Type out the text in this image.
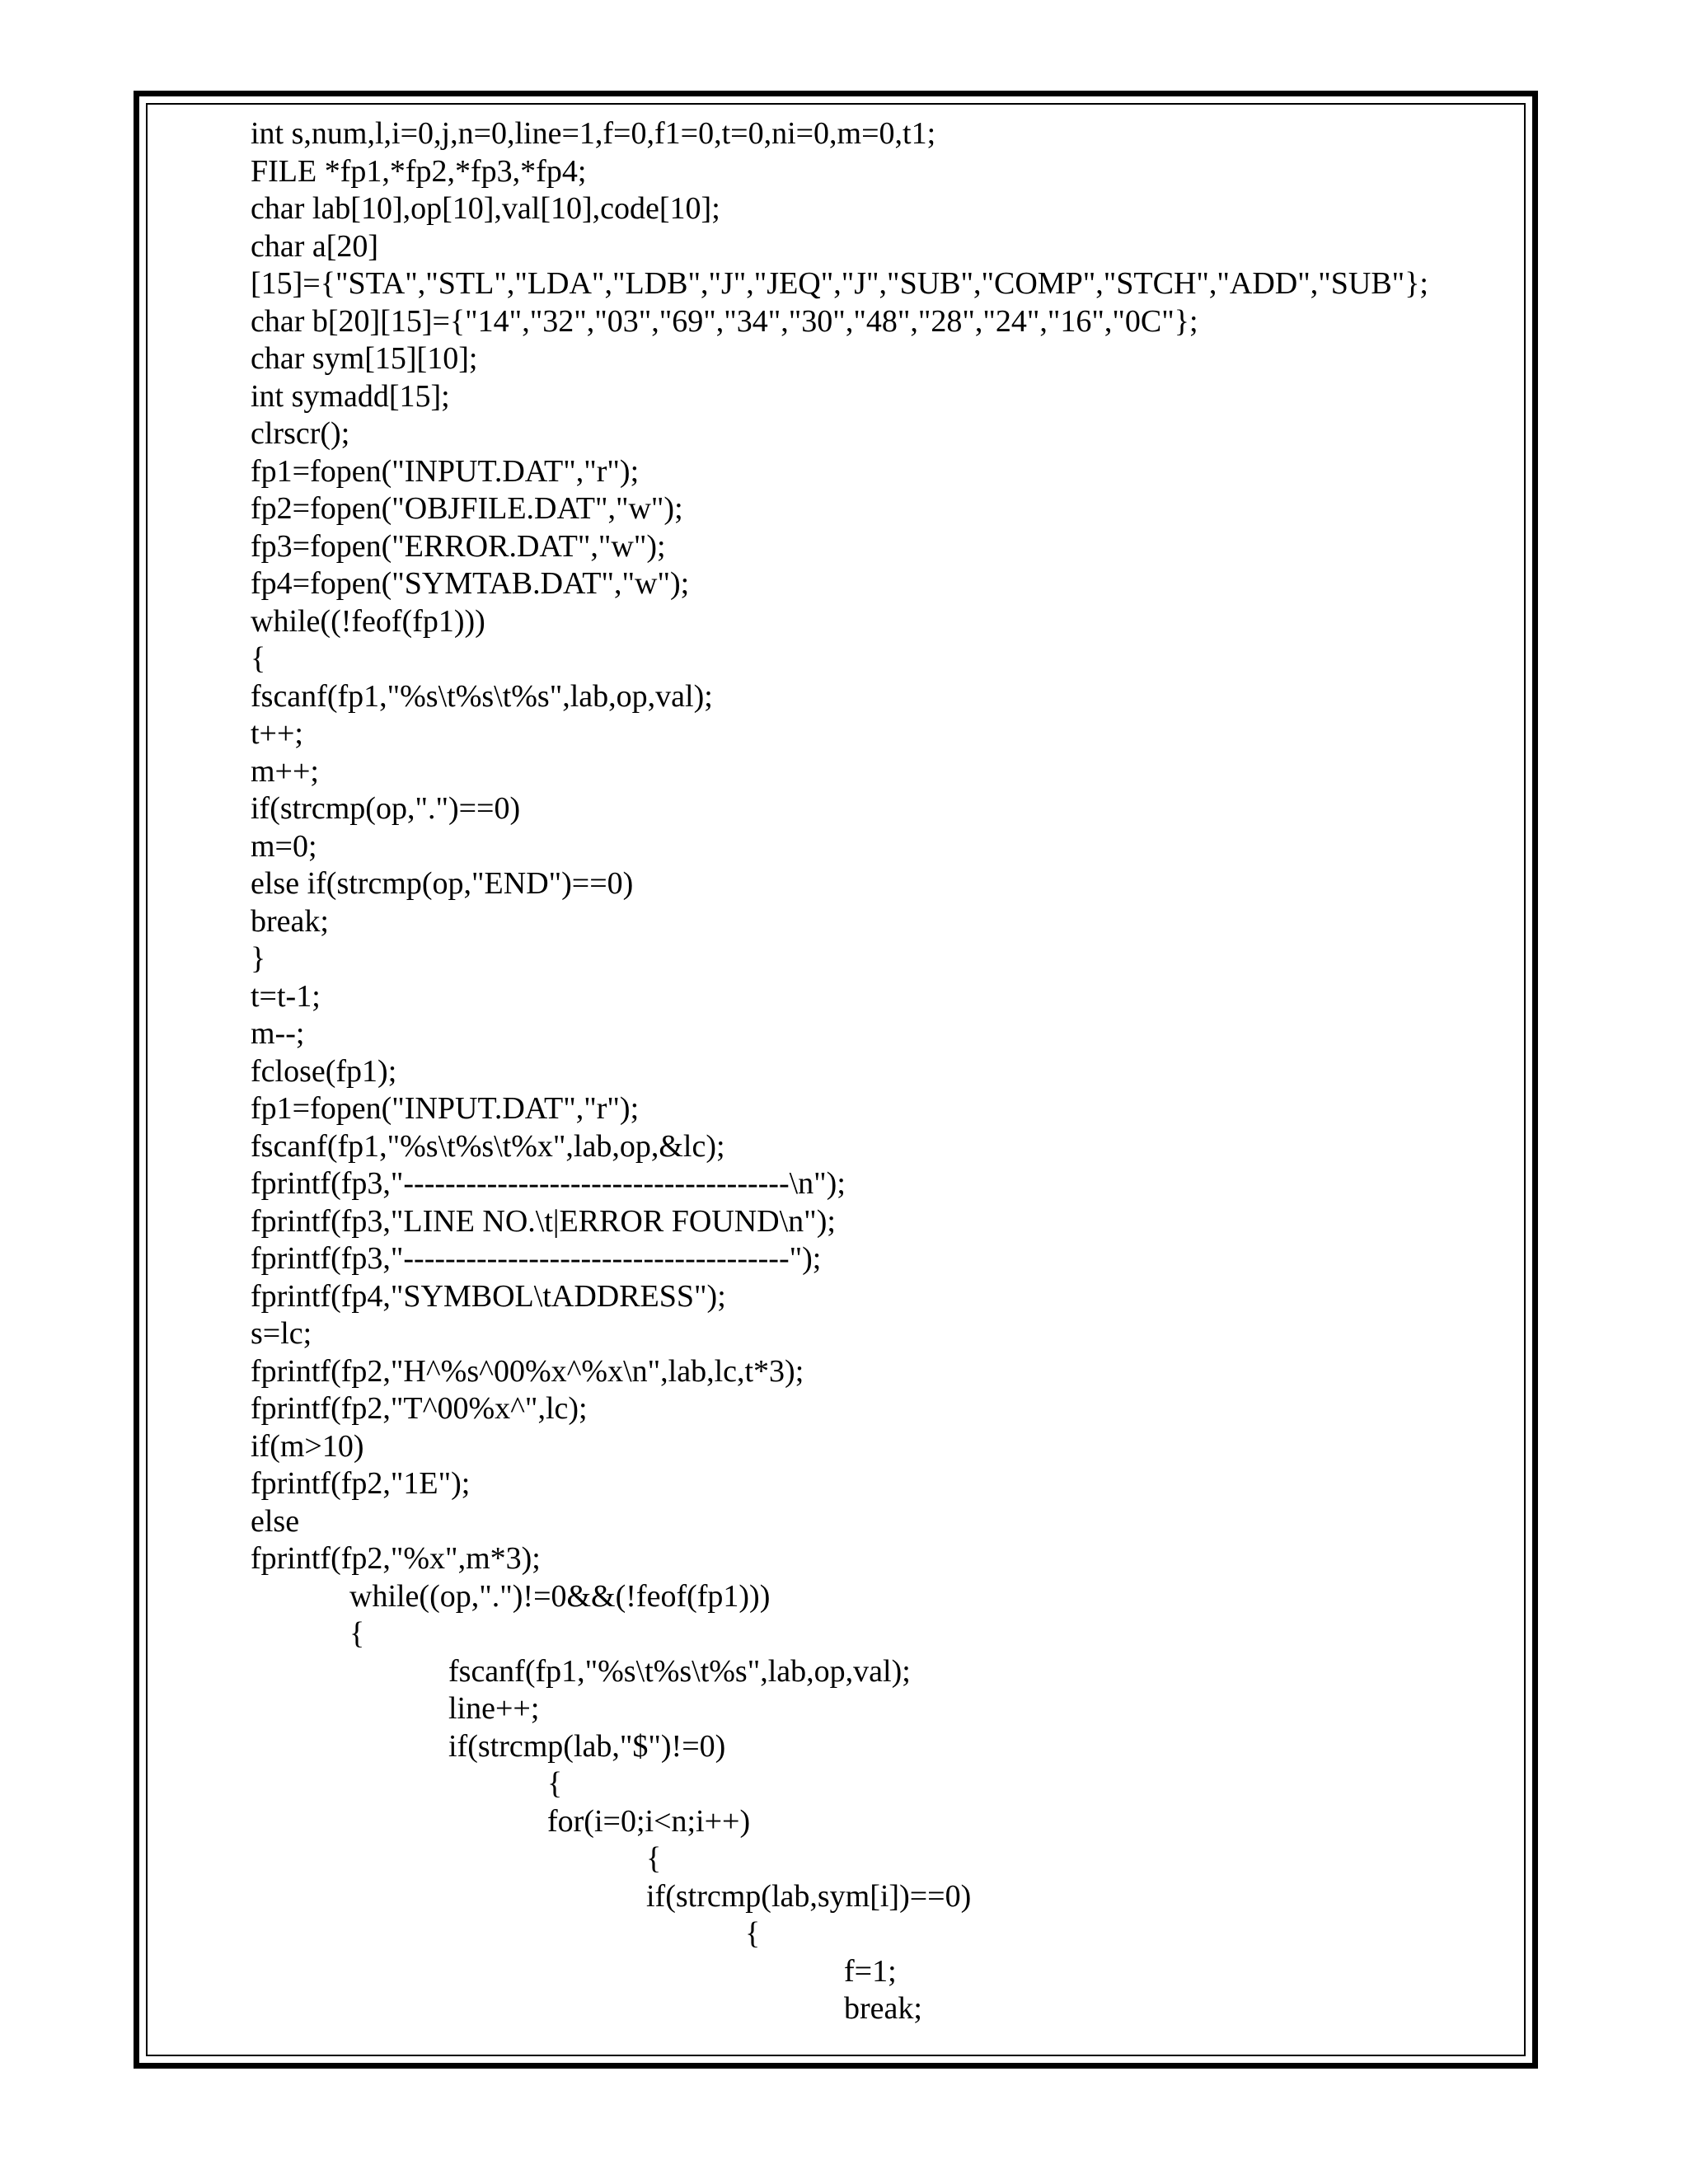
int s,num,l,i=0,j,n=0,line=1,f=0,f1=0,t=0,ni=0,m=0,t1;
FILE *fp1,*fp2,*fp3,*fp4;
char lab[10],op[10],val[10],code[10];
char a[20]
[15]={"STA","STL","LDA","LDB","J","JEQ","J","SUB","COMP","STCH","ADD","SUB"};
char b[20][15]={"14","32","03","69","34","30","48","28","24","16","0C"};
char sym[15][10];
int symadd[15];
clrscr();
fp1=fopen("INPUT.DAT","r");
fp2=fopen("OBJFILE.DAT","w");
fp3=fopen("ERROR.DAT","w");
fp4=fopen("SYMTAB.DAT","w");
while((!feof(fp1)))
{
fscanf(fp1,"%s\t%s\t%s",lab,op,val);
t++;
m++;
if(strcmp(op,".")==0)
m=0;
else if(strcmp(op,"END")==0)
break;
}
t=t-1;
m--;
fclose(fp1);
fp1=fopen("INPUT.DAT","r");
fscanf(fp1,"%s\t%s\t%x",lab,op,&lc);
fprintf(fp3,"-------------------------------------\n");
fprintf(fp3,"LINE NO.\t|ERROR FOUND\n");
fprintf(fp3,"-------------------------------------");
fprintf(fp4,"SYMBOL\tADDRESS");
s=lc;
fprintf(fp2,"H^%s^00%x^%x\n",lab,lc,t*3);
fprintf(fp2,"T^00%x^",lc);
if(m>10)
fprintf(fp2,"1E");
else
fprintf(fp2,"%x",m*3);
while((op,".")!=0&&(!feof(fp1)))
{
fscanf(fp1,"%s\t%s\t%s",lab,op,val);
line++;
if(strcmp(lab,"$")!=0)
{
for(i=0;i<n;i++)
{
if(strcmp(lab,sym[i])==0)
{
f=1;
break;
